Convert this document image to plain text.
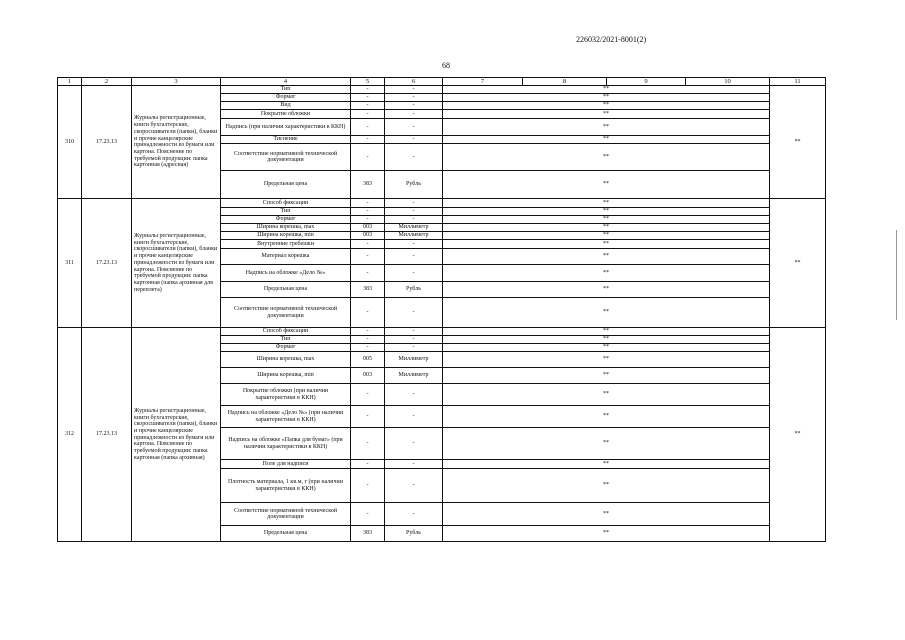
226032/2021-8001(2)
68
1	2	3	4	5	6	7	8	9	10	11
310	17.23.13	Журналы регистрационные, книги бухгалтерские, скоросшиватели (папки), бланки и прочие канцелярские принадлежности из бумаги или картона. Пояснение по требуемой продукции: папка картонная (адресная)	Тип	-	-	**				**
			Формат	-	-	**				
			Вид	-	-	**				
			Покрытие обложки	-	-	**				
			Надпись (при наличии характеристики в ККН)	-	-	**				
			Тиснение	-	-	**				
			Соответствие нормативной технической документации	-	-	**				
			Предельная цена	383	Рубль	**				
311	17.23.13	Журналы регистрационные, книги бухгалтерские, скоросшиватели (папки), бланки и прочие канцелярские принадлежности из бумаги или картона. Пояснение по требуемой продукции: папка картонная (папка архивная для переплета)	Способ фиксации	-	-	**				**
			Тип	-	-	**				
			Формат	-	-	**				
			Ширина корешка, max	003	Миллиметр	**				
			Ширина корешка, min	003	Миллиметр	**				
			Внутренние гребешки	-	-	**				
			Материал корешка	-	-	**				
			Надпись на обложке «Дело №»	-	-	**				
			Предельная цена	383	Рубль	**				
			Соответствие нормативной технической документации	-	-	**				
312	17.23.13	Журналы регистрационные, книги бухгалтерские, скоросшиватели (папки), бланки и прочие канцелярские принадлежности из бумаги или картона. Пояснение по требуемой продукции: папка картонная (папка архивная)	Способ фиксации	-	-	**				**
			Тип	-	-	**				
			Формат	-	-	**				
			Ширина корешка, max	005	Миллиметр	**				
			Ширина корешка, min	003	Миллиметр	**				
			Покрытие обложки (при наличии характеристики в ККН)	-	-	**				
			Надпись на обложке «Дело №» (при наличии характеристики в ККН)	-	-	**				
			Надпись на обложке «Папка для бумаг» (при наличии характеристики в ККН)	-	-	**				
			Поле для надписи	-	-	**				
			Плотность материала, 1 кв.м, г (при наличии характеристики в ККН)	-	-	**				
			Соответствие нормативной технической документации	-	-	**				
			Предельная цена	383	Рубль	**				
